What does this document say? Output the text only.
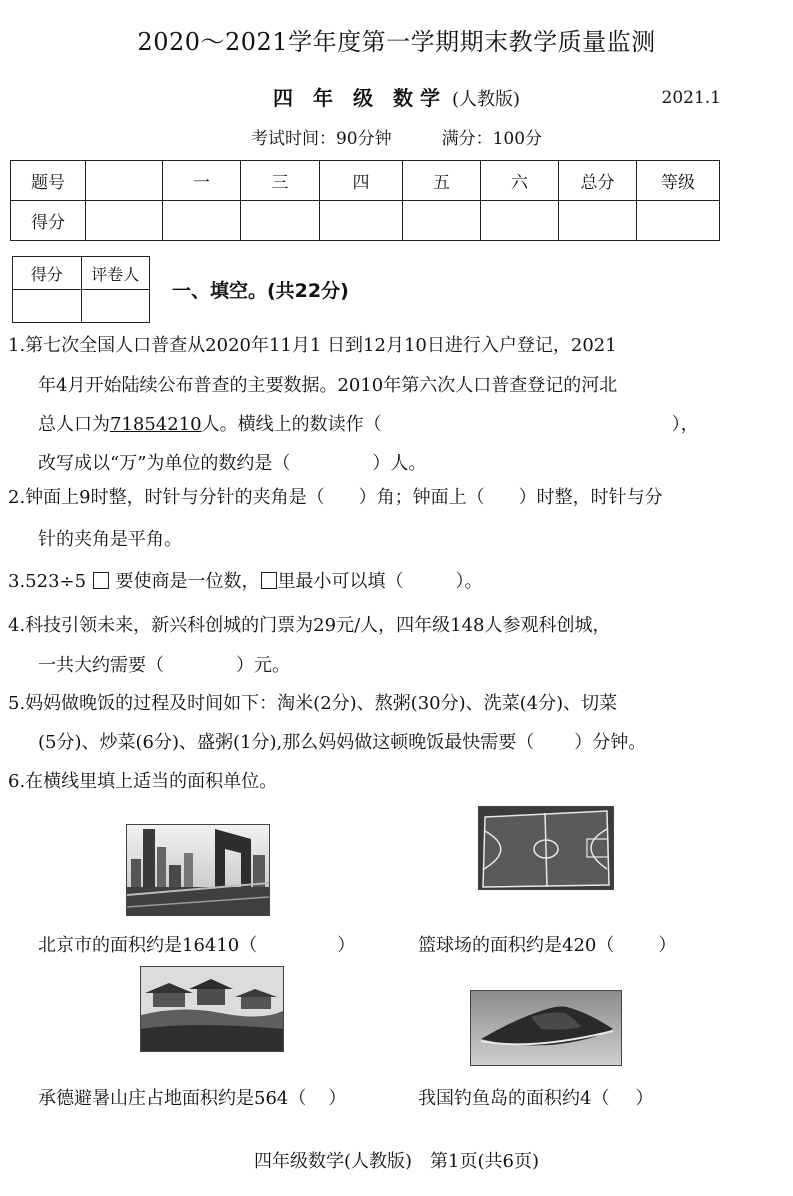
2020～2021学年度第一学期期末教学质量监测
四　年　级　数 学 (人教版)	2021.1
考试时间：90分钟	满分：100分
题号		一	三	四	五	六	总分	等级
得分								
得分	评卷人

一、填空。(共22分)
1.第七次全国人口普查从2020年11月1 日到12月10日进行入户登记，2021
年4月开始陆续公布普查的主要数据。2010年第六次人口普查登记的河北
总人口为71854210人。横线上的数读作（	），
改写成以“万”为单位的数约是（	）人。
2.钟面上9时整，时针与分针的夹角是（ ）角；钟面上（ ）时整，时针与分
针的夹角是平角。
3.523÷5 要使商是一位数， 里最小可以填（	）。
4.科技引领未来，新兴科创城的门票为29元/人，四年级148人参观科创城，
一共大约需要（	）元。
5.妈妈做晚饭的过程及时间如下：淘米(2分)、熬粥(30分)、洗菜(4分)、切菜
(5分)、炒菜(6分)、盛粥(1分),那么妈妈做这顿晚饭最快需要（ ）分钟。
6.在横线里填上适当的面积单位。
北京市的面积约是16410（	）	篮球场的面积约是420（ ）
承德避暑山庄占地面积约是564（ ）	我国钓鱼岛的面积约4（ ）
四年级数学(人教版)　第1页(共6页)
